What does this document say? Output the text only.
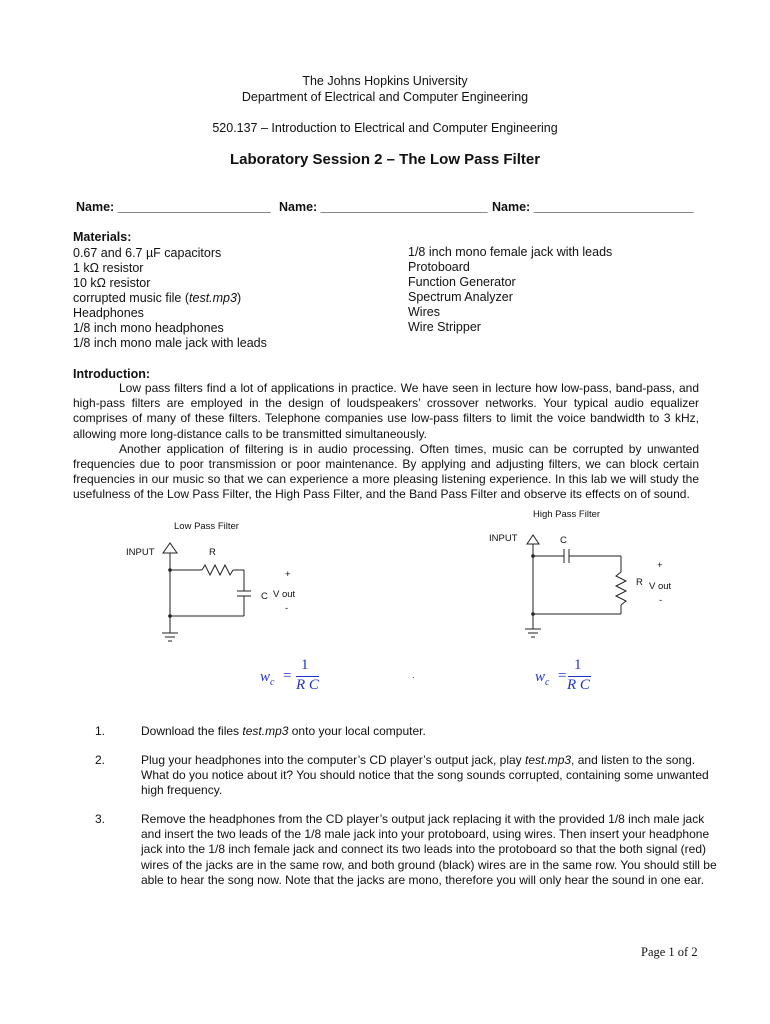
The Johns Hopkins University
Department of Electrical and Computer Engineering
520.137 – Introduction to Electrical and Computer Engineering
Laboratory Session 2 – The Low Pass Filter
Name: ______________________ Name: ________________________ Name: _______________________
Materials:
0.67 and 6.7 µF capacitors
1 kΩ resistor
10 kΩ resistor
corrupted music file (test.mp3)
Headphones
1/8 inch mono headphones
1/8 inch mono male jack with leads
1/8 inch mono female jack with leads
Protoboard
Function Generator
Spectrum Analyzer
Wires
Wire Stripper
Introduction:

Low pass filters find a lot of applications in practice. We have seen in lecture how low-pass, band-pass, and high-pass filters are employed in the design of loudspeakers’ crossover networks. Your typical audio equalizer comprises of many of these filters. Telephone companies use low-pass filters to limit the voice bandwidth to 3 kHz, allowing more long-distance calls to be transmitted simultaneously.

Another application of filtering is in audio processing. Often times, music can be corrupted by unwanted frequencies due to poor transmission or poor maintenance. By applying and adjusting filters, we can block certain frequencies in our music so that we can experience a more pleasing listening experience. In this lab we will study the usefulness of the Low Pass Filter, the High Pass Filter, and the Band Pass Filter and observe its effects on of sound.

Low Pass Filter
INPUT	R
+
C V out
-
High Pass Filter
INPUT	C
+
R V out
-
$w_c$ =
1
R C
.	$w_c$ =
1
R C
1.	Download the files test.mp3 onto your local computer.
2.	Plug your headphones into the computer’s CD player’s output jack, play test.mp3, and listen to the song. What do you notice about it? You should notice that the song sounds corrupted, containing some unwanted high frequency.
3.	Remove the headphones from the CD player’s output jack replacing it with the provided 1/8 inch male jack and insert the two leads of the 1/8 male jack into your protoboard, using wires. Then insert your headphone jack into the 1/8 inch female jack and connect its two leads into the protoboard so that the both signal (red) wires of the jacks are in the same row, and both ground (black) wires are in the same row. You should still be able to hear the song now. Note that the jacks are mono, therefore you will only hear the sound in one ear.
Page 1 of 2
